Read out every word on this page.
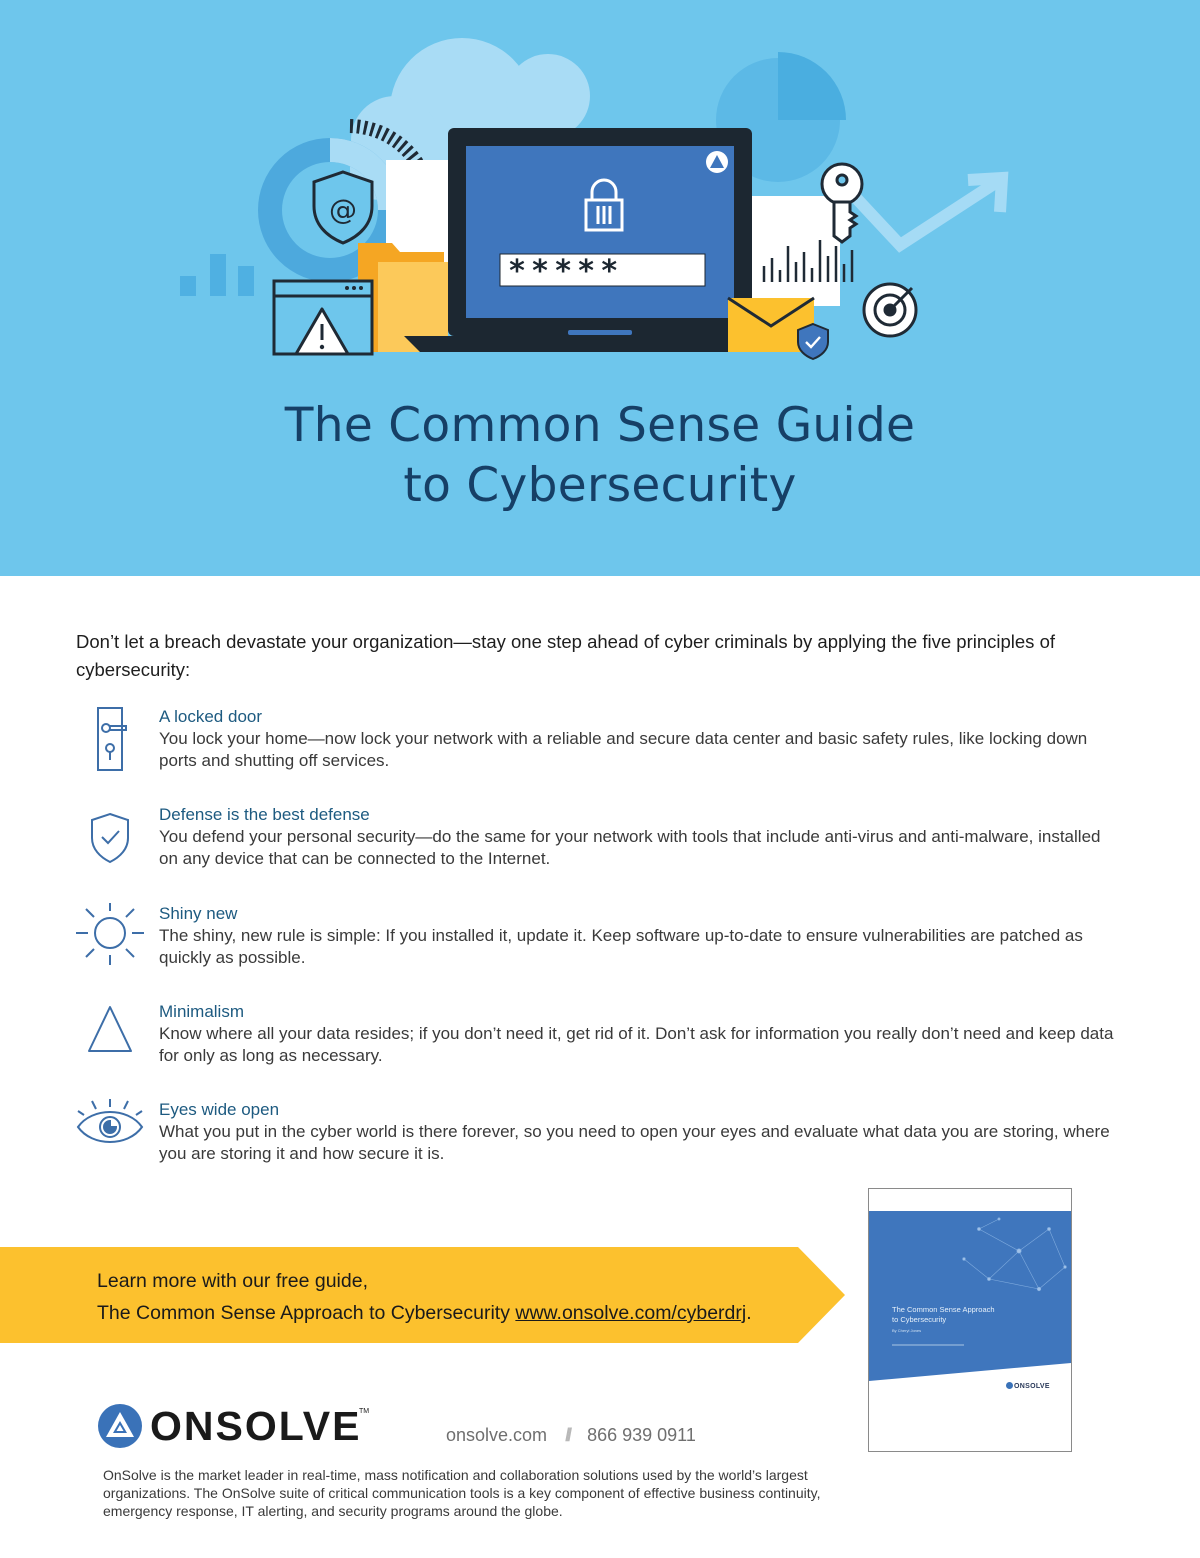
@
*****
The Common Sense Guide
to Cybersecurity

Don’t let a breach devastate your organization—stay one step ahead of cyber criminals by applying the five principles of cybersecurity:

A locked door

You lock your home—now lock your network with a reliable and secure data center and basic safety rules, like locking down ports and shutting off services.

Defense is the best defense

You defend your personal security—do the same for your network with tools that include anti-virus and anti-malware, installed on any device that can be connected to the Internet.

Shiny new

The shiny, new rule is simple: If you installed it, update it. Keep software up-to-date to ensure vulnerabilities are patched as quickly as possible.

Minimalism

Know where all your data resides; if you don’t need it, get rid of it. Don’t ask for information you really don’t need and keep data for only as long as necessary.

Eyes wide open

What you put in the cyber world is there forever, so you need to open your eyes and evaluate what data you are storing, where you are storing it and how secure it is.

Learn more with our free guide,
The Common Sense Approach to Cybersecurity www.onsolve.com/cyberdrj.	The Common Sense Approach
to Cybersecurity
By Cheryl Jones
ONSOLVE
ONSOLVE
TM
onsolve.com // 866 939 0911

OnSolve is the market leader in real-time, mass notification and collaboration solutions used by the world’s largest organizations. The OnSolve suite of critical communication tools is a key component of effective business continuity, emergency response, IT alerting, and security programs around the globe.
